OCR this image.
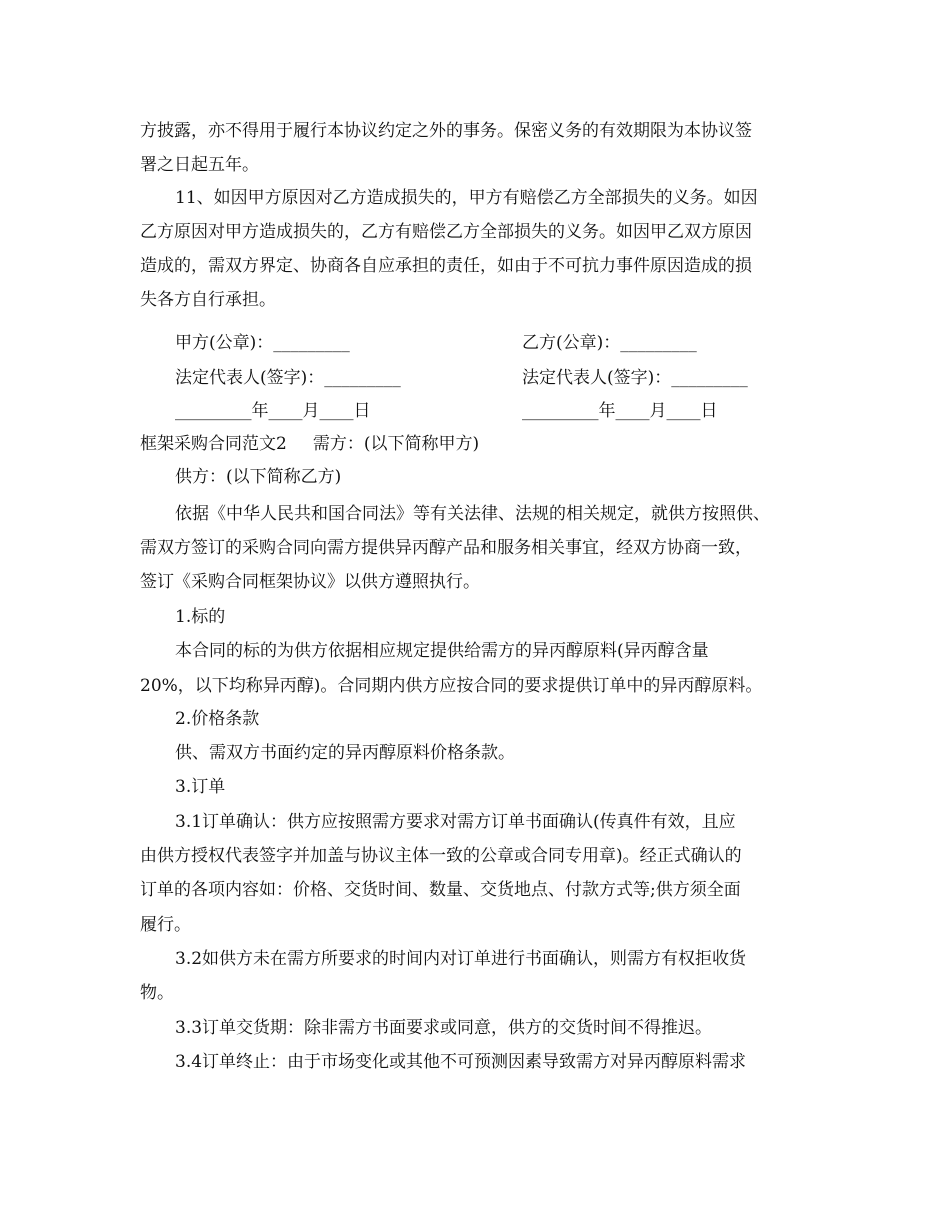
方披露，亦不得用于履行本协议约定之外的事务。保密义务的有效期限为本协议签
署之日起五年。
11、如因甲方原因对乙方造成损失的，甲方有赔偿乙方全部损失的义务。如因
乙方原因对甲方造成损失的，乙方有赔偿乙方全部损失的义务。如因甲乙双方原因
造成的，需双方界定、协商各自应承担的责任，如由于不可抗力事件原因造成的损
失各方自行承担。
甲方(公章)：_________	乙方(公章)：_________
法定代表人(签字)：_________	法定代表人(签字)：_________
_________年____月____日	_________年____月____日
框架采购合同范文2 需方：(以下简称甲方)
供方：(以下简称乙方)
依据《中华人民共和国合同法》等有关法律、法规的相关规定，就供方按照供、
需双方签订的采购合同向需方提供异丙醇产品和服务相关事宜，经双方协商一致，
签订《采购合同框架协议》以供方遵照执行。
1.标的
本合同的标的为供方依据相应规定提供给需方的异丙醇原料(异丙醇含量
20%，以下均称异丙醇)。合同期内供方应按合同的要求提供订单中的异丙醇原料。
2.价格条款
供、需双方书面约定的异丙醇原料价格条款。
3.订单
3.1订单确认：供方应按照需方要求对需方订单书面确认(传真件有效，且应
由供方授权代表签字并加盖与协议主体一致的公章或合同专用章)。经正式确认的
订单的各项内容如：价格、交货时间、数量、交货地点、付款方式等;供方须全面
履行。
3.2如供方未在需方所要求的时间内对订单进行书面确认，则需方有权拒收货
物。
3.3订单交货期：除非需方书面要求或同意，供方的交货时间不得推迟。
3.4订单终止：由于市场变化或其他不可预测因素导致需方对异丙醇原料需求
